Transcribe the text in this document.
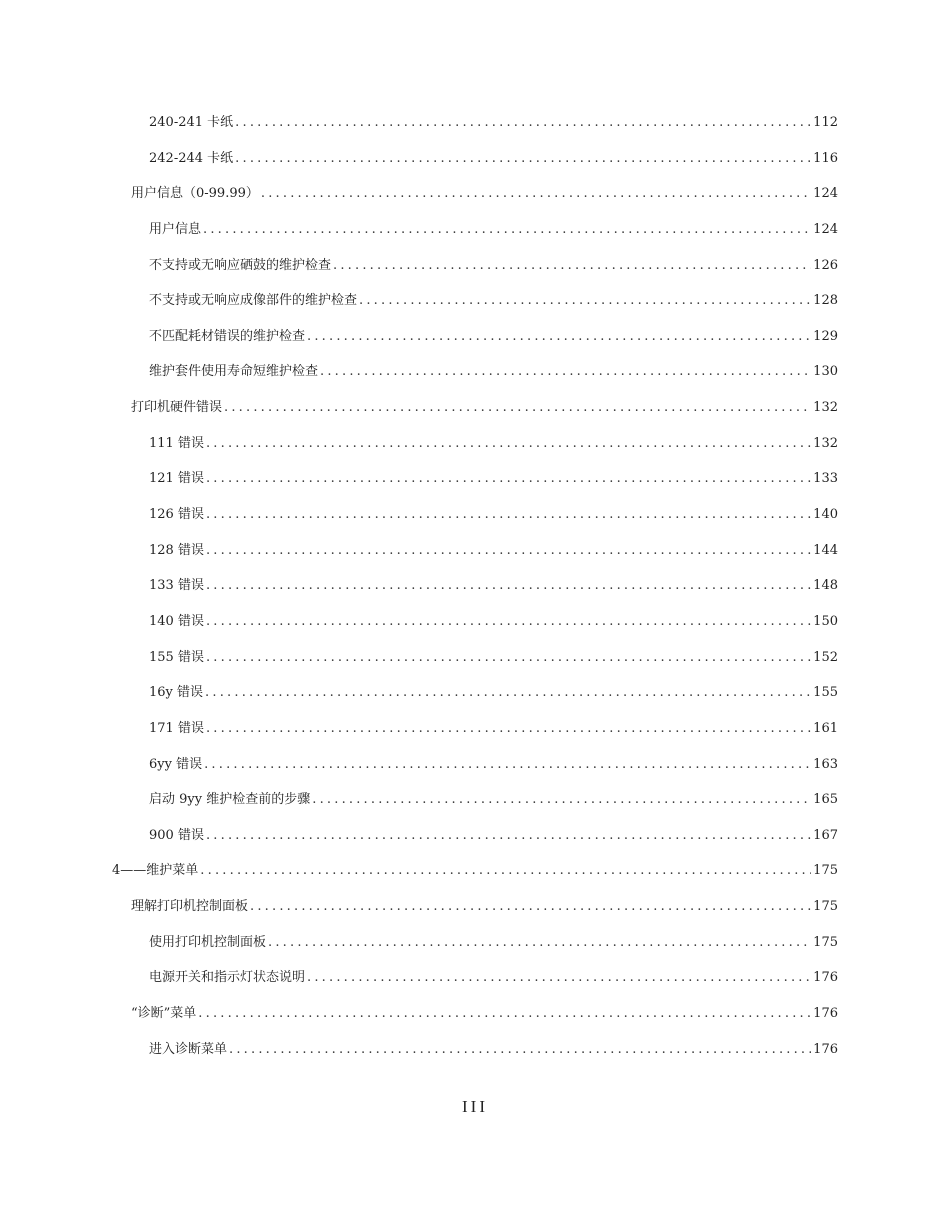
240-241 卡纸 .....	112
242-244 卡纸 .....	116
用户信息（0-99.99） .....	124
用户信息 .....	124
不支持或无响应硒鼓的维护检查 .....	126
不支持或无响应成像部件的维护检查 .....	128
不匹配耗材错误的维护检查 .....	129
维护套件使用寿命短维护检查 .....	130
打印机硬件错误 .....	132
111 错误 .....	132
121 错误 .....	133
126 错误 .....	140
128 错误 .....	144
133 错误 .....	148
140 错误 .....	150
155 错误 .....	152
16y 错误 .....	155
171 错误 .....	161
6yy 错误 .....	163
启动 9yy 维护检查前的步骤 .....	165
900 错误 .....	167
4——维护菜单 .....	175
理解打印机控制面板 .....	175
使用打印机控制面板 .....	175
电源开关和指示灯状态说明 .....	176
“诊断”菜单 .....	176
进入诊断菜单 .....	176
III
